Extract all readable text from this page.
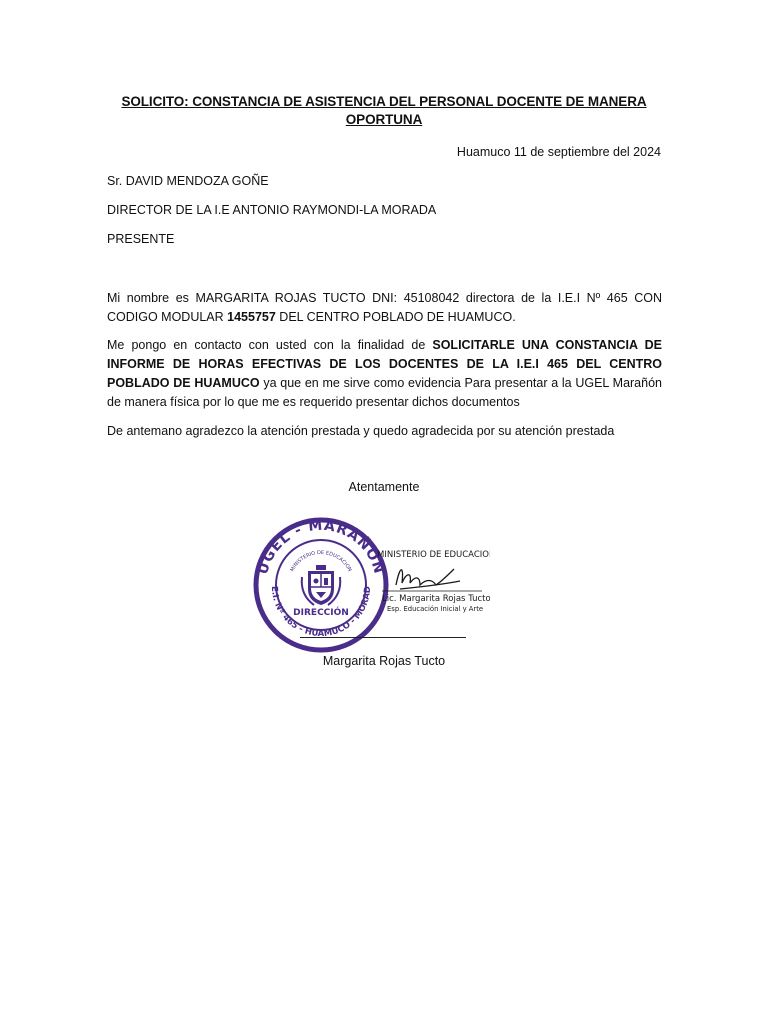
SOLICITO: CONSTANCIA DE ASISTENCIA DEL PERSONAL DOCENTE DE MANERA OPORTUNA
Huamuco 11 de septiembre del 2024
Sr. DAVID MENDOZA GOÑE
DIRECTOR DE LA I.E ANTONIO RAYMONDI-LA MORADA
PRESENTE
Mi nombre es MARGARITA ROJAS TUCTO DNI: 45108042 directora de la I.E.I Nº 465 CON CODIGO MODULAR 1455757 DEL CENTRO POBLADO DE HUAMUCO.
Me pongo en contacto con usted con la finalidad de SOLICITARLE UNA CONSTANCIA DE INFORME DE HORAS EFECTIVAS DE LOS DOCENTES DE LA I.E.I 465 DEL CENTRO POBLADO DE HUAMUCO ya que en me sirve como evidencia Para presentar a la UGEL Marañón de manera física por lo que me es requerido presentar dichos documentos
De antemano agradezco la atención prestada y quedo agradecida por su atención prestada
Atentamente
UGEL - MARAÑON
E.I. Nº 465 - HUAMUCO - MORAD
MINISTERIO DE EDUCACION
DIRECCIÓN
MINISTERIO DE EDUCACION
Lic. Margarita Rojas Tucto
Esp. Educación Inicial y Arte
Margarita Rojas Tucto
